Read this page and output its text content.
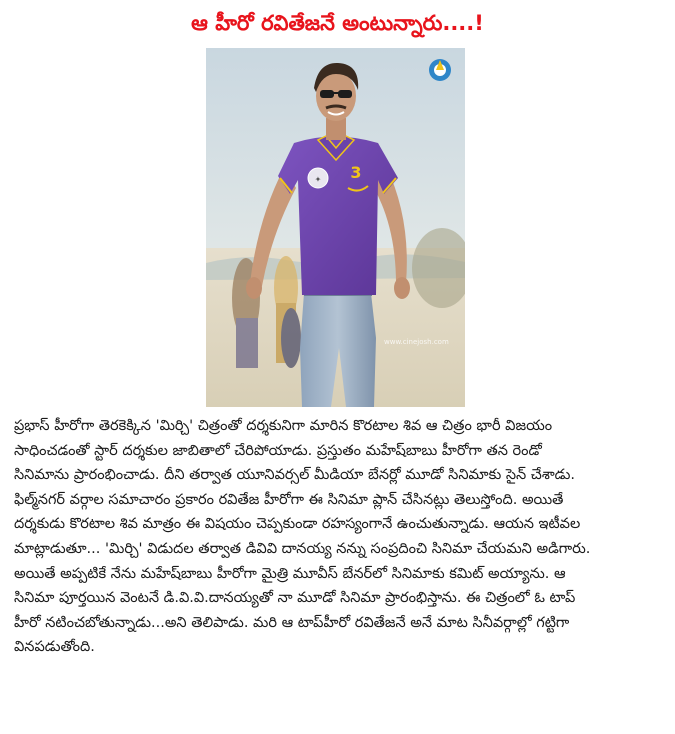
ఆ హీరో రవితేజనే అంటున్నారు....!
✦ 3
www.cinejosh.com
ప్రభాస్ హీరోగా తెరకెక్కిన 'మిర్చి' చిత్రంతో దర్శకునిగా మారిన కొరటాల శివ ఆ చిత్రం భారీ విజయం
సాధించడంతో స్టార్ దర్శకుల జాబితాలో చేరిపోయాడు. ప్రస్తుతం మహేష్‌బాబు హీరోగా తన రెండో
సినిమాను ప్రారంభించాడు. దీని తర్వాత యూనివర్సల్ మీడియా బేనర్లో మూడో సినిమాకు సైన్ చేశాడు.
ఫిల్మ్‌నగర్ వర్గాల సమాచారం ప్రకారం రవితేజ హీరోగా ఈ సినిమా ప్లాన్ చేసినట్లు తెలుస్తోంది. అయితే
దర్శకుడు కొరటాల శివ మాత్రం ఈ విషయం చెప్పకుండా రహస్యంగానే ఉంచుతున్నాడు. ఆయన ఇటీవల
మాట్లాడుతూ... 'మిర్చి' విడుదల తర్వాత డివివి దానయ్య నన్ను సంప్రదించి సినిమా చేయమని అడిగారు.
అయితే అప్పటికే నేను మహేష్‌బాబు హీరోగా మైత్రి మూవీస్ బేనర్‌లో సినిమాకు కమిట్ అయ్యాను. ఆ
సినిమా పూర్తయిన వెంటనే డి.వి.వి.దానయ్యతో నా మూడో సినిమా ప్రారంభిస్తాను. ఈ చిత్రంలో ఓ టాప్
హీరో నటించబోతున్నాడు...అని తెలిపాడు. మరి ఆ టాప్‌హీరో రవితేజనే అనే మాట సినీవర్గాల్లో గట్టిగా
వినపడుతోంది.
